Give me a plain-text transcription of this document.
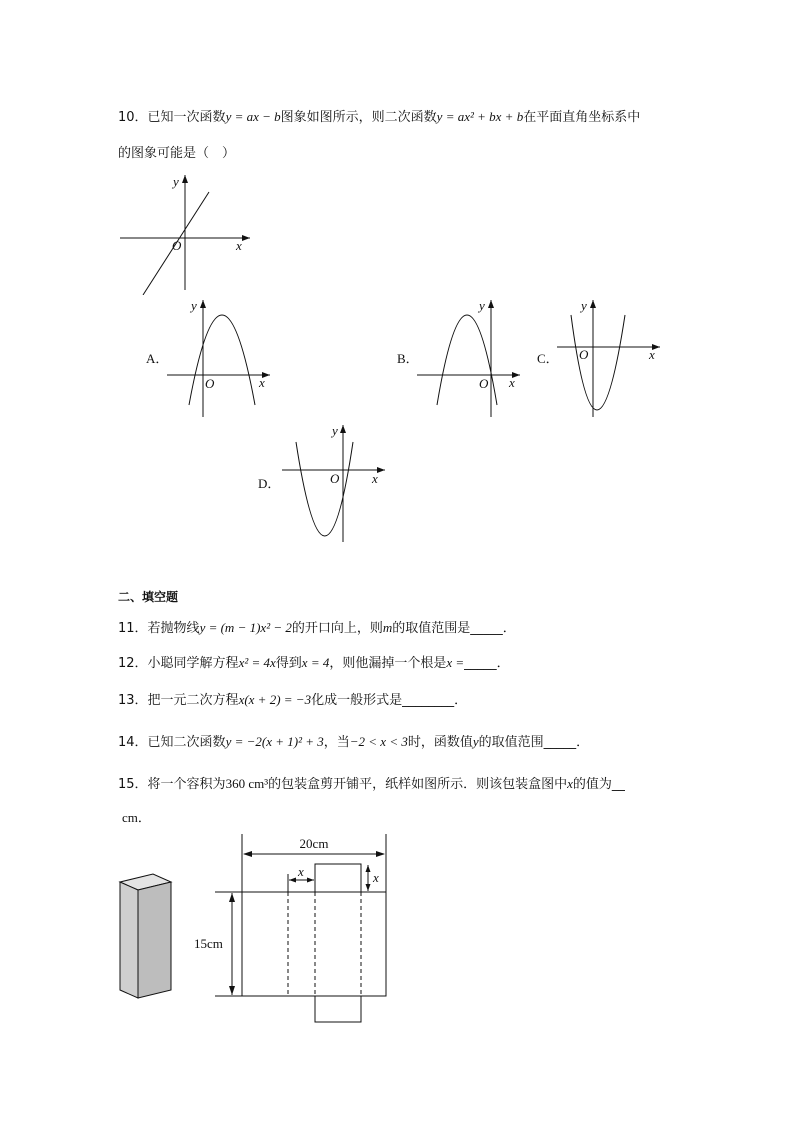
10．已知一次函数y = ax − b图象如图所示，则二次函数y = ax² + bx + b在平面直角坐标系中
的图象可能是（　）
O	x
y
A．
O	x
y
B．
O x
y
C． O	x
y
D．	O	x
y
二、填空题
11．若抛物线y = (m − 1)x² − 2的开口向上，则m的取值范围是_____．
12．小聪同学解方程x² = 4x得到x = 4，则他漏掉一个根是x =_____．
13．把一元二次方程x(x + 2) = −3化成一般形式是________．
14．已知二次函数y = −2(x + 1)² + 3，当−2 < x < 3时，函数值y的取值范围_____．
15．将一个容积为360 cm³的包装盒剪开铺平，纸样如图所示．则该包装盒图中x的值为__
cm．
20cm
x	x
15cm
